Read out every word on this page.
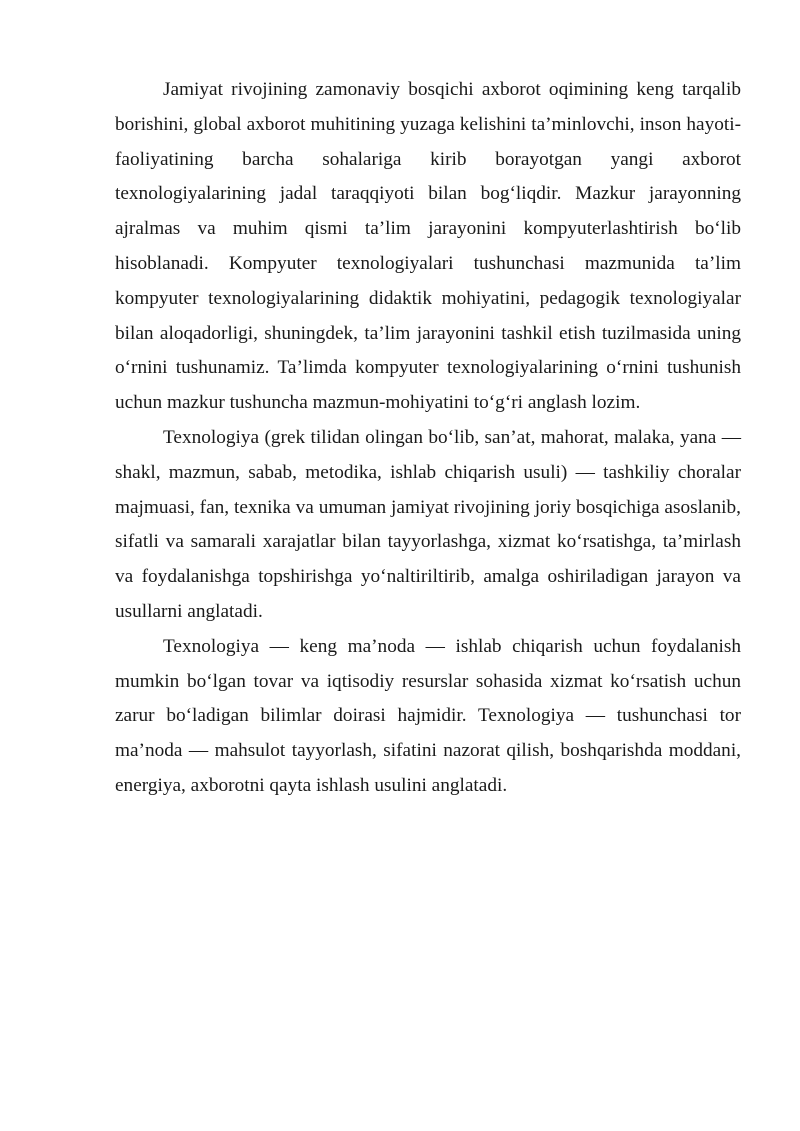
Jamiyat rivojining zamonaviy bosqichi axborot oqimining keng tarqalib borishini, global axborot muhitining yuzaga kelishini ta’minlovchi, inson hayoti-faoliyatining barcha sohalariga kirib borayotgan yangi axborot texnologiyalarining jadal taraqqiyoti bilan bog‘liqdir. Mazkur jarayonning ajralmas va muhim qismi ta’lim jarayonini kompyuterlashtirish bo‘lib hisoblanadi. Kompyuter texnologiyalari tushunchasi mazmunida ta’lim kompyuter texnologiyalarining didaktik mohiyatini, pedagogik texnologiyalar bilan aloqadorligi, shuningdek, ta’lim jarayonini tashkil etish tuzilmasida uning o‘rnini tushunamiz. Ta’limda kompyuter texnologiyalarining o‘rnini tushunish uchun mazkur tushuncha mazmun-mohiyatini to‘g‘ri anglash lozim.

Texnologiya (grek tilidan olingan bo‘lib, san’at, mahorat, malaka, yana — shakl, mazmun, sabab, metodika, ishlab chiqarish usuli) — tashkiliy choralar majmuasi, fan, texnika va umuman jamiyat rivojining joriy bosqichiga asoslanib, sifatli va samarali xarajatlar bilan tayyorlashga, xizmat ko‘rsatishga, ta’mirlash va foydalanishga topshirishga yo‘naltiriltirib, amalga oshiriladigan jarayon va usullarni anglatadi.

Texnologiya — keng ma’noda — ishlab chiqarish uchun foydalanish mumkin bo‘lgan tovar va iqtisodiy resurslar sohasida xizmat ko‘rsatish uchun zarur bo‘ladigan bilimlar doirasi hajmidir. Texnologiya — tushunchasi tor ma’noda — mahsulot tayyorlash, sifatini nazorat qilish, boshqarishda moddani, energiya, axborotni qayta ishlash usulini anglatadi.
